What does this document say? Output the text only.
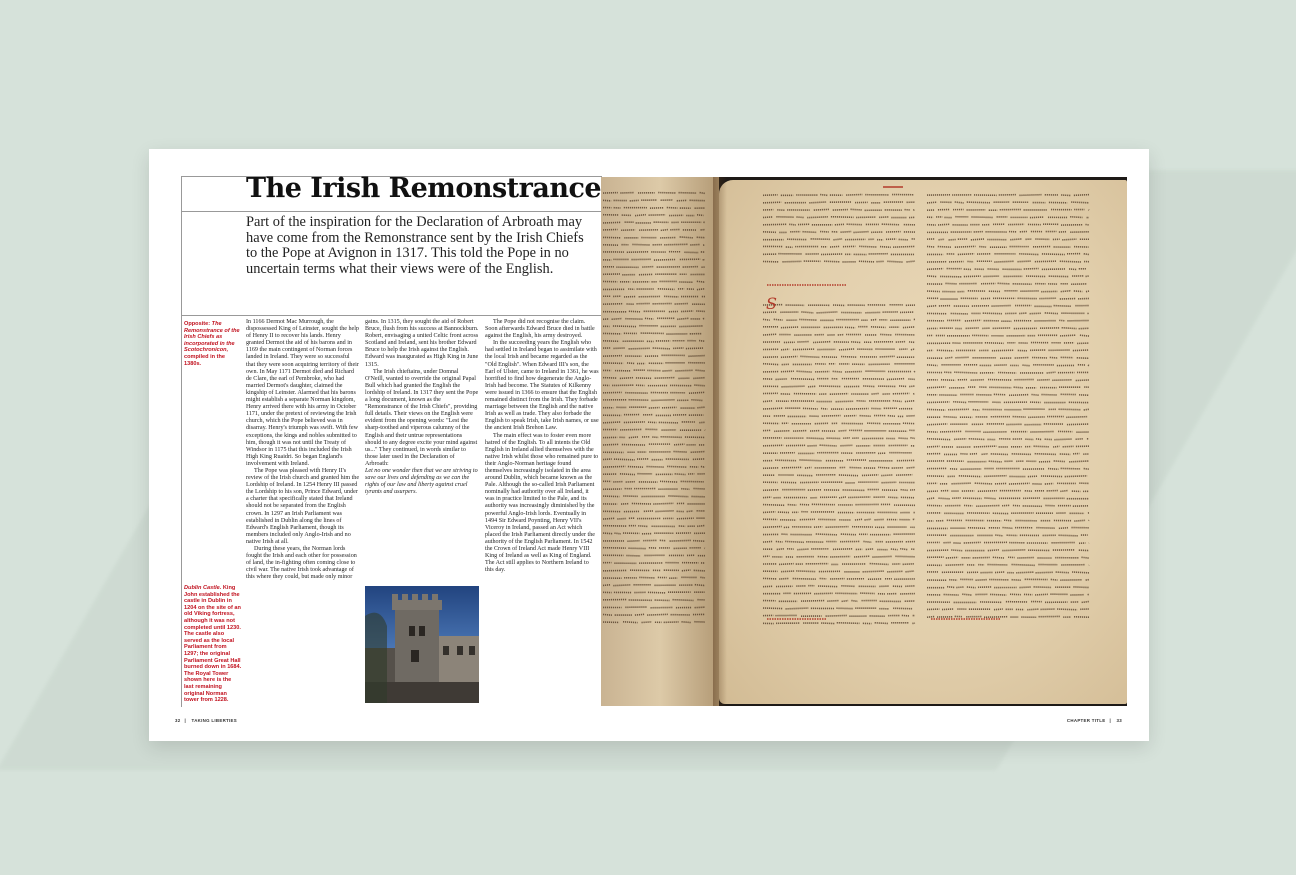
The Irish Remonstrance

Part of the inspiration for the Declaration of Arbroath may have come from the Remonstrance sent by the Irish Chiefs to the Pope at Avignon in 1317. This told the Pope in no uncertain terms what their views were of the English.

Opposite: The Remonstrance of the Irish Chiefs as incorporated in the Scotochronicon, compiled in the 1380s.

Dublin Castle. King John established the castle in Dublin in 1204 on the site of an old Viking fortress, although it was not completed until 1230. The castle also served as the local Parliament from 1297; the original Parliament Great Hall burned down in 1684. The Royal Tower shown here is the last remaining original Norman tower from 1228.

In 1166 Dermot Mac Murrough, the dispossessed King of Leinster, sought the help of Henry II to recover his lands. Henry granted Dermot the aid of his barons and in 1169 the main contingent of Norman forces landed in Ireland. They were so successful that they were soon acquiring territory of their own. In May 1171 Dermot died and Richard de Clare, the earl of Pembroke, who had married Dermot's daughter, claimed the kingship of Leinster. Alarmed that his barons might establish a separate Norman kingdom, Henry arrived there with his army in October 1171, under the pretext of reviewing the Irish church, which the Pope believed was in disarray. Henry's triumph was swift. With few exceptions, the kings and nobles submitted to him, though it was not until the Treaty of Windsor in 1175 that this included the Irish High King Ruaidri. So began England's involvement with Ireland.

The Pope was pleased with Henry II's review of the Irish church and granted him the Lordship of Ireland. In 1254 Henry III passed the Lordship to his son, Prince Edward, under a charter that specifically stated that Ireland should not be separated from the English crown. In 1297 an Irish Parliament was established in Dublin along the lines of Edward's English Parliament, though its members included only Anglo-Irish and no native Irish at all.

During these years, the Norman lords fought the Irish and each other for possession of land, the in-fighting often coming close to civil war. The native Irish took advantage of this where they could, but made only minor

gains. In 1315, they sought the aid of Robert Bruce, flush from his success at Bannockburn. Robert, envisaging a united Celtic front across Scotland and Ireland, sent his brother Edward Bruce to help the Irish against the English. Edward was inaugurated as High King in June 1315.

The Irish chieftains, under Domnal O'Neill, wanted to override the original Papal Bull which had granted the English the lordship of Ireland. In 1317 they sent the Pope a long document, known as the "Remonstrance of the Irish Chiefs", providing full details. Their views on the English were evident from the opening words: "Lest the sharp-toothed and viperous calumny of the English and their untrue representations should to any degree excite your mind against us..." They continued, in words similar to those later used in the Declaration of Arbroath:

Let no one wonder then that we are striving to save our lives and defending as we can the rights of our law and liberty against cruel tyrants and usurpers.

The Pope did not recognise the claim. Soon afterwards Edward Bruce died in battle against the English, his army destroyed.

In the succeeding years the English who had settled in Ireland began to assimilate with the local Irish and became regarded as the "Old English". When Edward III's son, the Earl of Ulster, came to Ireland in 1361, he was horrified to find how degenerate the Anglo-Irish had become. The Statutes of Kilkenny were issued in 1366 to ensure that the English remained distinct from the Irish. They forbade marriage between the English and the native Irish as well as trade. They also forbade the English to speak Irish, take Irish names, or use the ancient Irish Brehon Law.

The main effect was to foster even more hatred of the English. To all intents the Old English in Ireland allied themselves with the native Irish whilst those who remained pure to their Anglo-Norman heritage found themselves increasingly isolated in the area around Dublin, which became known as the Pale. Although the so-called Irish Parliament nominally had authority over all Ireland, it was in practice limited to the Pale, and its authority was increasingly diminished by the powerful Anglo-Irish lords. Eventually in 1494 Sir Edward Poynting, Henry VII's Viceroy in Ireland, passed an Act which placed the Irish Parliament directly under the authority of the English Parliament. In 1542 the Crown of Ireland Act made Henry VIII King of Ireland as well as King of England. The Act still applies to Northern Ireland to this day.

32 | TAKING LIBERTIES
S
CHAPTER TITLE | 33
